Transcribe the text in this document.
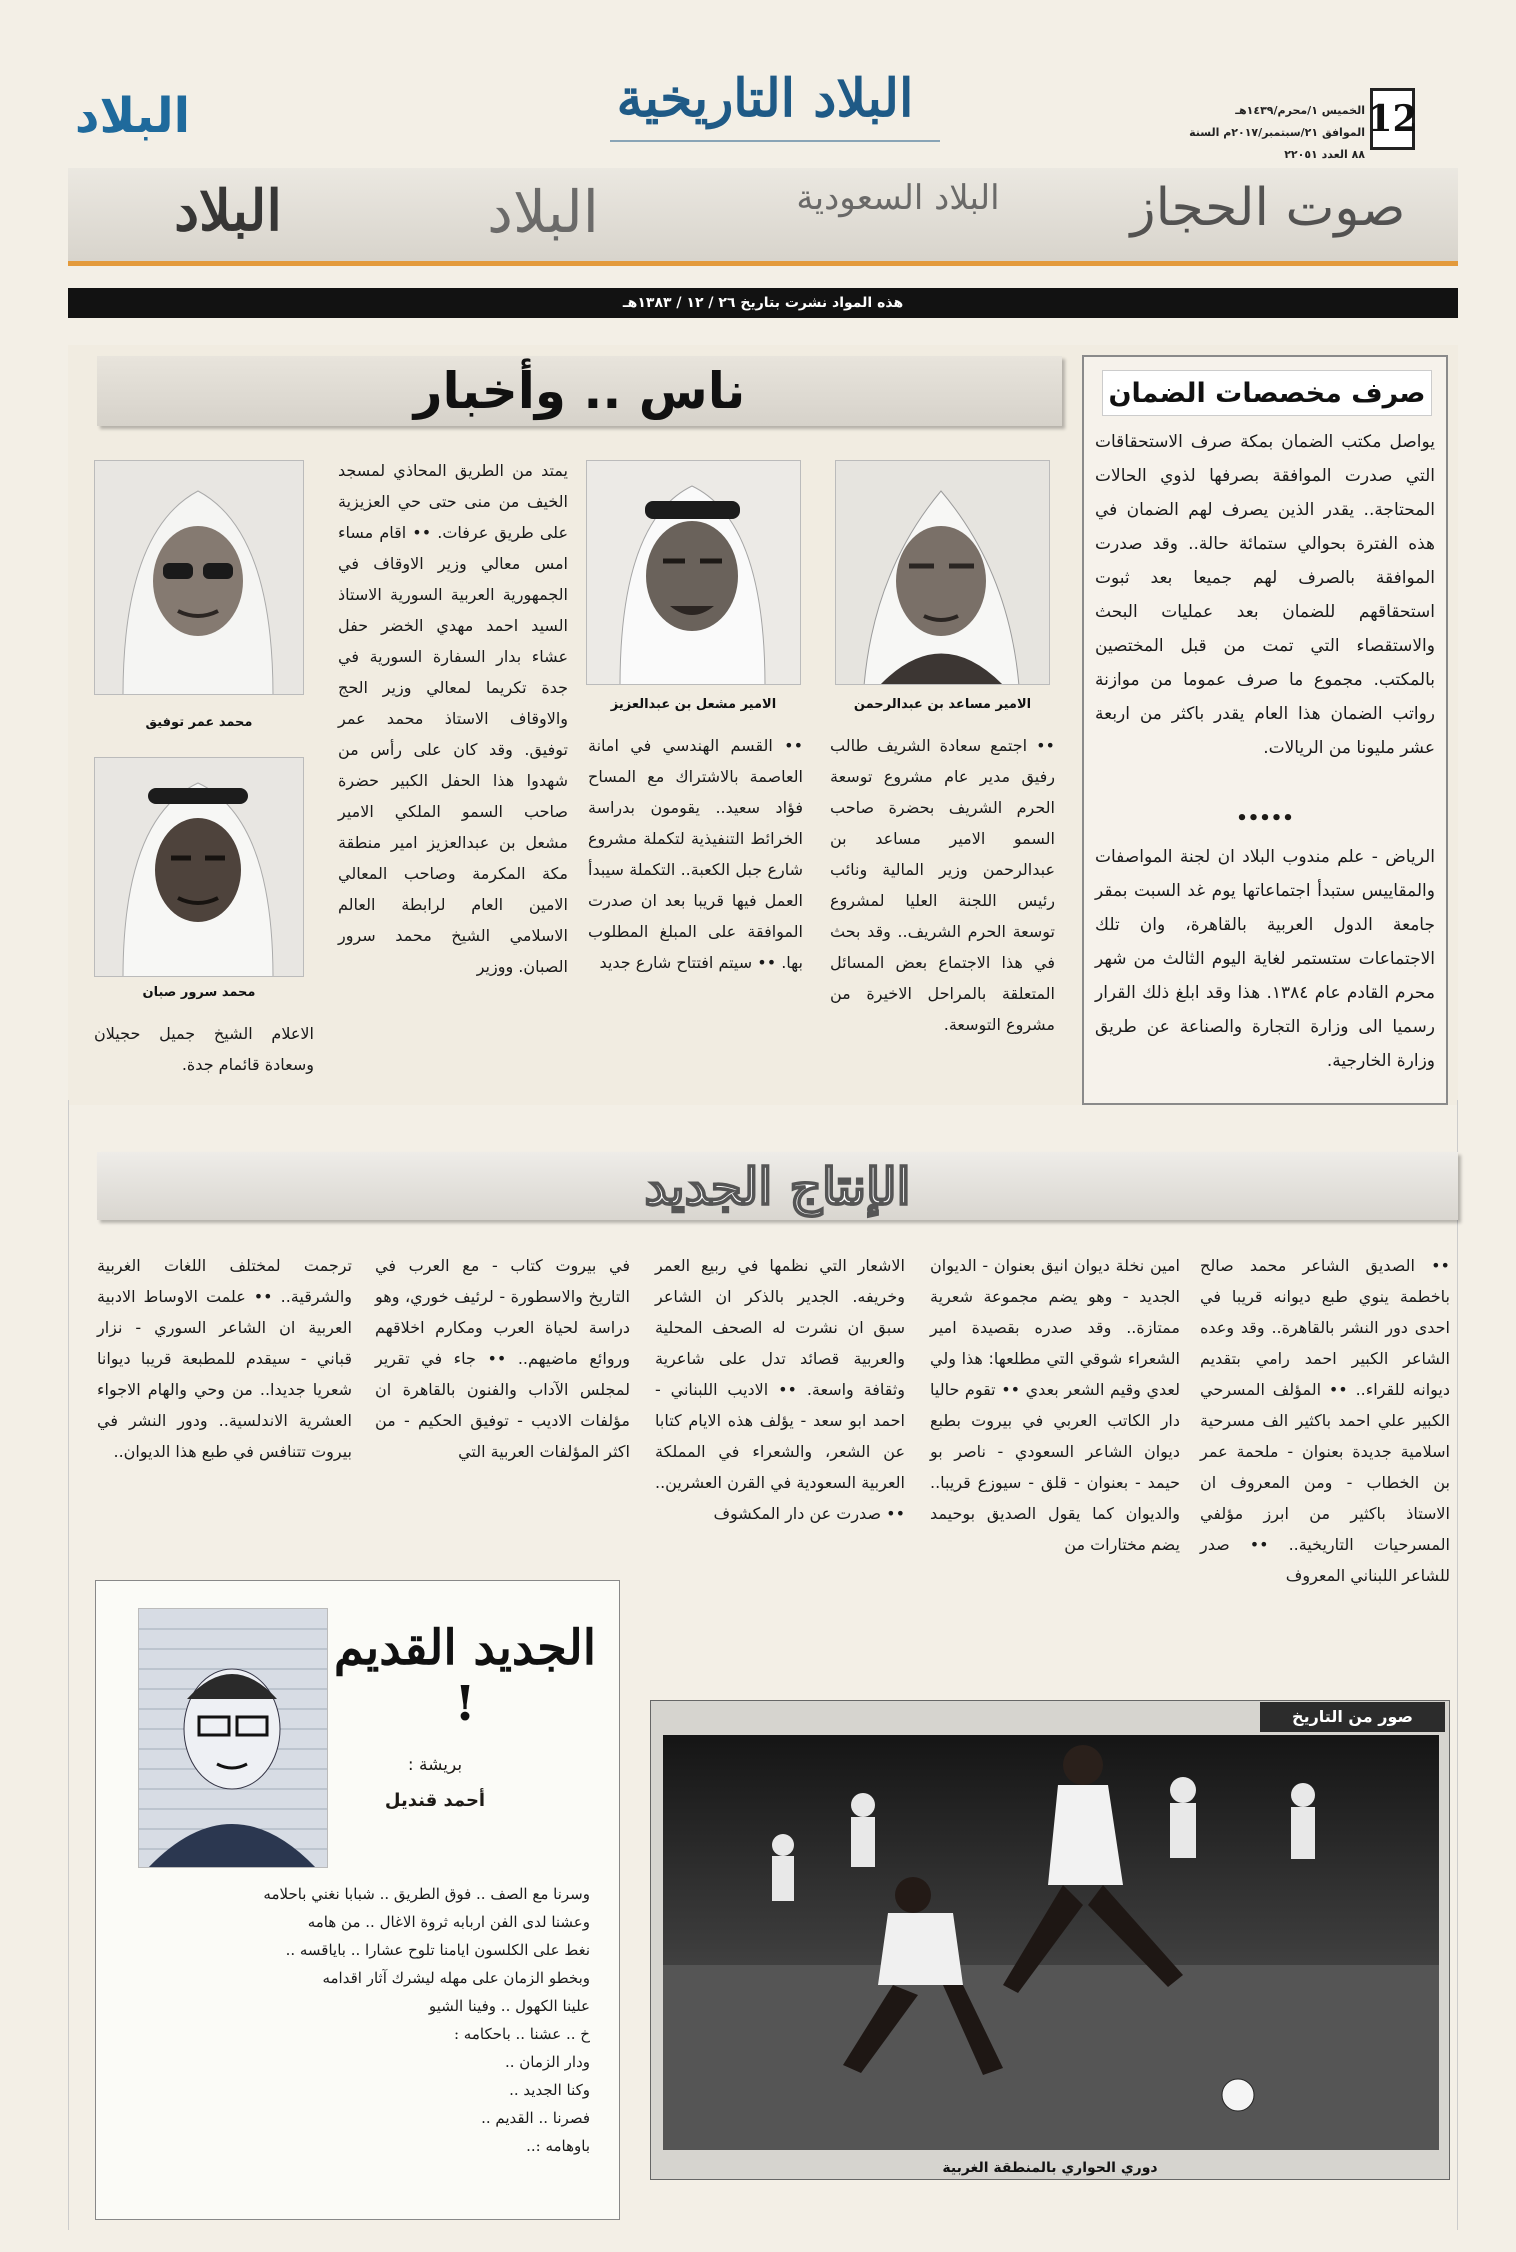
12
الخميس ١/محرم/١٤٣٩هـ
الموافق ٢١/سبتمبر/٢٠١٧م السنة ٨٨ العدد ٢٢٠٥١
البلاد التاريخية
البلاد
صوت الحجاز
البلاد السعودية
البلاد
البلاد
هذه المواد نشرت بتاريخ ٢٦ / ١٢ / ١٣٨٣هـ
صرف مخصصات الضمان
يواصل مكتب الضمان بمكة صرف الاستحقاقات التي صدرت الموافقة بصرفها لذوي الحالات المحتاجة.. يقدر الذين يصرف لهم الضمان في هذه الفترة بحوالي ستمائة حالة.. وقد صدرت الموافقة بالصرف لهم جميعا بعد ثبوت استحقاقهم للضمان بعد عمليات البحث والاستقصاء التي تمت من قبل المختصين بالمكتب. مجموع ما صرف عموما من موازنة رواتب الضمان هذا العام يقدر باكثر من اربعة عشر مليونا من الريالات.
•••••
الرياض - علم مندوب البلاد ان لجنة المواصفات والمقاييس ستبدأ اجتماعاتها يوم غد السبت بمقر جامعة الدول العربية بالقاهرة، وان تلك الاجتماعات ستستمر لغاية اليوم الثالث من شهر محرم القادم عام ١٣٨٤. هذا وقد ابلغ ذلك القرار رسميا الى وزارة التجارة والصناعة عن طريق وزارة الخارجية.
ناس .. وأخبار
الامير مساعد بن عبدالرحمن
الامير مشعل بن عبدالعزيز
محمد عمر توفيق
محمد سرور صبان
•• اجتمع سعادة الشريف طالب رفيق مدير عام مشروع توسعة الحرم الشريف بحضرة صاحب السمو الامير مساعد بن عبدالرحمن وزير المالية ونائب رئيس اللجنة العليا لمشروع توسعة الحرم الشريف.. وقد بحث في هذا الاجتماع بعض المسائل المتعلقة بالمراحل الاخيرة من مشروع التوسعة.
•• القسم الهندسي في امانة العاصمة بالاشتراك مع المساح فؤاد سعيد.. يقومون بدراسة الخرائط التنفيذية لتكملة مشروع شارع جبل الكعبة.. التكملة سيبدأ العمل فيها قريبا بعد ان صدرت الموافقة على المبلغ المطلوب بها. •• سيتم افتتاح شارع جديد
يمتد من الطريق المحاذي لمسجد الخيف من منى حتى حي العزيزية على طريق عرفات. •• اقام مساء امس معالي وزير الاوقاف في الجمهورية العربية السورية الاستاذ السيد احمد مهدي الخضر حفل عشاء بدار السفارة السورية في جدة تكريما لمعالي وزير الحج والاوقاف الاستاذ محمد عمر توفيق. وقد كان على رأس من شهدوا هذا الحفل الكبير حضرة صاحب السمو الملكي الامير مشعل بن عبدالعزيز امير منطقة مكة المكرمة وصاحب المعالي الامين العام لرابطة العالم الاسلامي الشيخ محمد سرور الصبان. ووزير
الاعلام الشيخ جميل حجيلان وسعادة قائمام جدة.
الإنتاج الجديد
•• الصديق الشاعر محمد صالح باخطمة ينوي طبع ديوانه قريبا في احدى دور النشر بالقاهرة.. وقد وعده الشاعر الكبير احمد رامي بتقديم ديوانه للقراء.. •• المؤلف المسرحي الكبير علي احمد باكثير الف مسرحية اسلامية جديدة بعنوان - ملحمة عمر بن الخطاب - ومن المعروف ان الاستاذ باكثير من ابرز مؤلفي المسرحيات التاريخية.. •• صدر للشاعر اللبناني المعروف
امين نخلة ديوان انيق بعنوان - الديوان الجديد - وهو يضم مجموعة شعرية ممتازة.. وقد صدره بقصيدة امير الشعراء شوقي التي مطلعها: هذا ولي لعدي وقيم الشعر بعدي •• تقوم حاليا دار الكاتب العربي في بيروت بطبع ديوان الشاعر السعودي - ناصر بو حيمد - بعنوان - قلق - سيوزع قريبا.. والديوان كما يقول الصديق بوحيمد يضم مختارات من
الاشعار التي نظمها في ربيع العمر وخريفه. الجدير بالذكر ان الشاعر سبق ان نشرت له الصحف المحلية والعربية قصائد تدل على شاعرية وثقافة واسعة. •• الاديب اللبناني - احمد ابو سعد - يؤلف هذه الايام كتابا عن الشعر، والشعراء في المملكة العربية السعودية في القرن العشرين.. •• صدرت عن دار المكشوف
في بيروت كتاب - مع العرب في التاريخ والاسطورة - لرئيف خوري، وهو دراسة لحياة العرب ومكارم اخلاقهم وروائع ماضيهم.. •• جاء في تقرير لمجلس الآداب والفنون بالقاهرة ان مؤلفات الاديب - توفيق الحكيم - من اكثر المؤلفات العربية التي
ترجمت لمختلف اللغات الغربية والشرقية.. •• علمت الاوساط الادبية العربية ان الشاعر السوري - نزار قباني - سيقدم للمطبعة قريبا ديوانا شعريا جديدا.. من وحي والهام الاجواء العشرية الاندلسية.. ودور النشر في بيروت تتنافس في طبع هذا الديوان..
الجديد القديم !
بريشة :
أحمد قنديل
وسرنا مع الصف .. فوق الطريق .. شبابا نغني باحلامه
وعشنا لدى الفن اربابه ثروة الاغال .. من هامه
نغط على الكلسون ايامنا تلوح عشارا .. باياقسه ..
وبخطو الزمان على مهله ليشرك آثار اقدامه
علينا الكهول .. وفينا الشيو
خ .. عشنا .. باحكامه :
ودار الزمان ..
وكنا الجديد ..
فصرنا .. القديم ..
باوهامه :..
صور من التاريخ
دوري الحواري بالمنطقة الغربية
